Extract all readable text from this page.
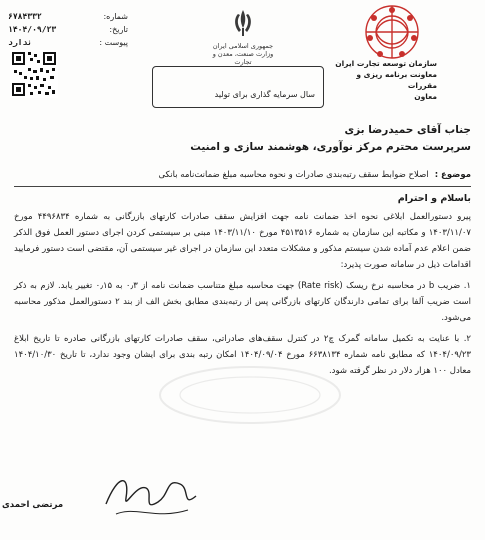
شماره:
۶۷۸۴۳۳۲
تاریخ:
۱۴۰۴/۰۹/۲۳
پیوست :
ندارد
سال سرمایه گذاری برای تولید
جمهوری اسلامی ایران
وزارت صنعت، معدن و تجارت	سازمان توسعه تجارت ایران
معاونت برنامه ریزی و مقررات
معاون
جناب آقای حمیدرضا بزی
سرپرست محترم مرکز نوآوری، هوشمند سازی و امنیت
موضوع :
اصلاح ضوابط سقف رتبه‌بندی صادرات و نحوه محاسبه مبلغ ضمانت‌نامه بانکی
باسلام و احترام
پیرو دستورالعمل ابلاغی نحوه اخذ ضمانت نامه جهت افزایش سقف صادرات کارتهای بازرگانی به شماره ۴۴۹۶۸۳۴ مورخ ۱۴۰۳/۱۱/۰۷ و مکاتبه این سازمان به شماره ۴۵۱۳۵۱۶ مورخ ۱۴۰۳/۱۱/۱۰ مبنی بر سیستمی کردن اجرای دستور العمل فوق الذکر ضمن اعلام عدم آماده شدن سیستم مذکور و مشکلات متعدد این سازمان در اجرای غیر سیستمی آن، مقتضی است دستور فرمایید اقدامات ذیل در سامانه صورت پذیرد:
۱. ضریب b در محاسبه نرخ ریسک (Rate risk) جهت محاسبه مبلغ متناسب ضمانت نامه از ۰٫۳ به ۰٫۱۵ تغییر یابد. لازم به ذکر است ضریب آلفا برای تمامی دارندگان کارتهای بازرگانی پس از رتبه‌بندی مطابق بخش الف از بند ۲ دستورالعمل مذکور محاسبه می‌شود.
۲. با عنایت به تکمیل سامانه گمرک چ۲ در کنترل سقف‌های صادراتی، سقف صادرات کارتهای بازرگانی صادره تا تاریخ ابلاغ ۱۴۰۴/۰۹/۲۳ که مطابق نامه شماره ۶۶۳۸۱۳۴ مورخ ۱۴۰۴/۰۹/۰۴ امکان رتبه بندی برای ایشان وجود ندارد، تا تاریخ ۱۴۰۴/۱۰/۳۰ معادل ۱۰۰ هزار دلار در نظر گرفته شود.
مرتضی احمدی
